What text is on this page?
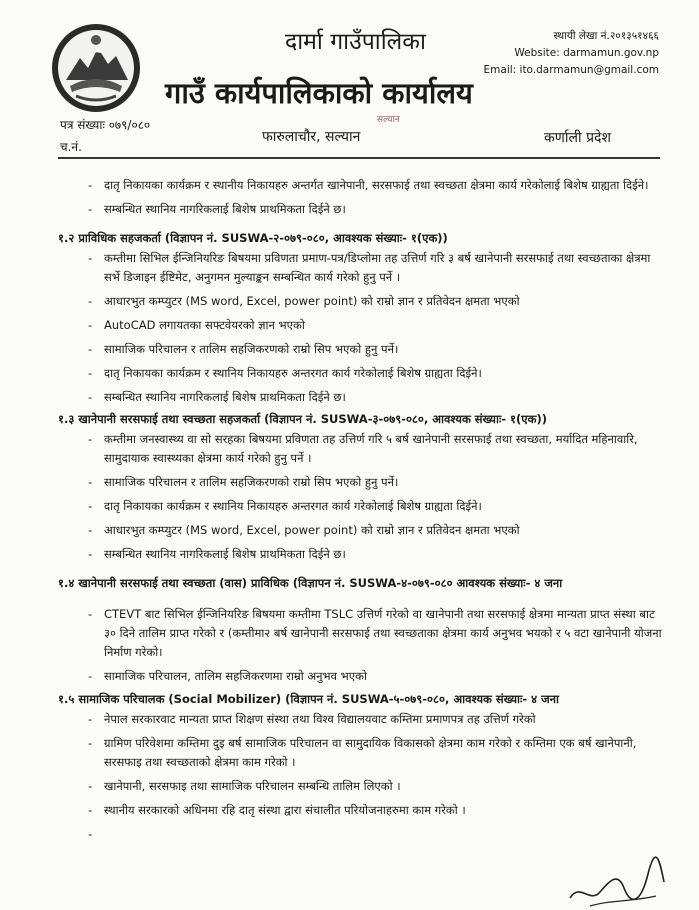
दार्मा गाउँपालिका
गाउँ कार्यपालिकाको कार्यालय
सल्यान
फारुलाचौर, सल्यान	कर्णाली प्रदेश
पत्र संख्याः ०७९/०८०
च.नं.
स्थायी लेखा नं.२०१३५१४६६
Website: darmamun.gov.np
Email: ito.darmamun@gmail.com
- दातृ निकायका कार्यक्रम र स्थानीय निकायहरु अन्तर्गत खानेपानी, सरसफाई तथा स्वच्छता क्षेत्रमा कार्य गरेकोलाई बिशेष ग्राह्यता दिईने।
- सम्बन्धित स्थानिय नागरिकलाई बिशेष प्राथमिकता दिईने छ।
१.२ प्राविधिक सहजकर्ता (विज्ञापन नं. SUSWA-२-०७९-०८०, आवश्यक संख्याः- १(एक))
- कम्तीमा सिभिल ईन्जिनियरिङ बिषयमा प्रविणता प्रमाण-पत्र/डिप्लोमा तह उत्तिर्ण गरि ३ बर्ष खानेपानी सरसफाई तथा स्वच्छताका क्षेत्रमा सर्भे डिजाइन ईष्टिमेट, अनुगमन मुल्याङ्कन सम्बन्धित कार्य गरेको हुनु पर्ने ।
- आधारभुत कम्प्युटर (MS word, Excel, power point) को राम्रो ज्ञान र प्रतिवेदन क्षमता भएको
- AutoCAD लगायतका सफ्टवेयरको ज्ञान भएको
- सामाजिक परिचालन र तालिम सहजिकरणको राम्रो सिप भएको हुनु पर्ने।
- दातृ निकायका कार्यक्रम र स्थानिय निकायहरु अन्तरगत कार्य गरेकोलाई बिशेष ग्राह्यता दिईने।
- सम्बन्धित स्थानिय नागरिकलाई बिशेष प्राथमिकता दिईने छ।
१.३ खानेपानी सरसफाई तथा स्वच्छता सहजकर्ता (विज्ञापन नं. SUSWA-३-०७९-०८०, आवश्यक संख्याः- १(एक))
- कम्तीमा जनस्वास्थ्य वा सो सरहका बिषयमा प्रविणता तह उत्तिर्ण गरि ५ बर्ष खानेपानी सरसफाई तथा स्वच्छता, मर्यादित महिनावारि, सामुदायाक स्वास्थ्यका क्षेत्रमा कार्य गरेको हुनु पर्ने ।
- सामाजिक परिचालन र तालिम सहजिकरणको राम्रो सिप भएको हुनु पर्ने।
- दातृ निकायका कार्यक्रम र स्थानिय निकायहरु अन्तरगत कार्य गरेकोलाई बिशेष ग्राह्यता दिईने।
- आधारभुत कम्प्युटर (MS word, Excel, power point) को राम्रो ज्ञान र प्रतिवेदन क्षमता भएको
- सम्बन्धित स्थानिय नागरिकलाई बिशेष प्राथमिकता दिईने छ।
१.४ खानेपानी सरसफाई तथा स्वच्छता (वास) प्राविधिक (विज्ञापन नं. SUSWA-४-०७९-०८० आवश्यक संख्याः- ४ जना
- CTEVT बाट सिभिल ईन्जिनियरिङ बिषयमा कम्तीमा TSLC उत्तिर्ण गरेको वा खानेपानी तथा सरसफाई क्षेत्रमा मान्यता प्राप्त संस्था बाट ३० दिने तालिम प्राप्त गरेको र (कम्तीमा२ बर्ष खानेपानी सरसफाई तथा स्वच्छताका क्षेत्रमा कार्य अनुभव भयको र ५ वटा खानेपानी योजना निर्माण गरेको।
- सामाजिक परिचालन, तालिम सहजिकरणमा राम्रो अनुभव भएको
१.५ सामाजिक परिचालक (Social Mobilizer) (विज्ञापन नं. SUSWA-५-०७९-०८०, आवश्यक संख्याः- ४ जना
- नेपाल सरकारवाट मान्यता प्राप्त शिक्षण संस्था तथा विश्व विद्यालयवाट कम्तिमा प्रमाणपत्र तह उत्तिर्ण गरेको
- ग्रामिण परिवेशमा कम्तिमा दुइ बर्ष सामाजिक परिचालन वा सामुदायिक विकासको क्षेत्रमा काम गरेको र कम्तिमा एक बर्ष खानेपानी, सरसफाइ तथा स्वच्छताको क्षेत्रमा काम गरेको ।
- खानेपानी, सरसफाइ तथा सामाजिक परिचालन सम्बन्धि तालिम लिएको ।
- स्थानीय सरकारको अधिनमा रहि दातृ संस्था द्वारा संचालीत परियोजनाहरुमा काम गरेको ।
-
